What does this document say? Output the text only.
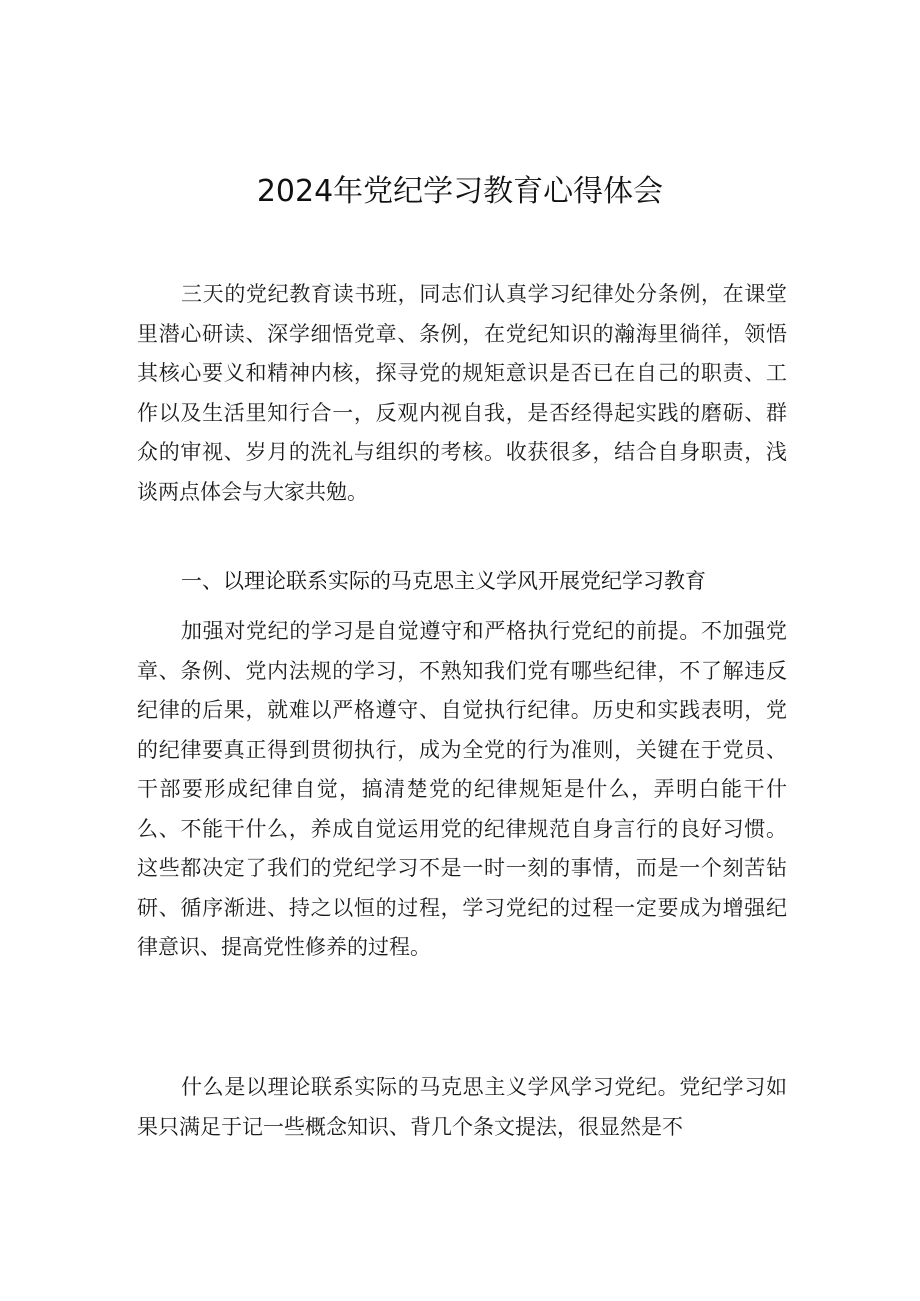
2024年党纪学习教育心得体会

三天的党纪教育读书班，同志们认真学习纪律处分条例，在课堂里潜心研读、深学细悟党章、条例，在党纪知识的瀚海里徜徉，领悟其核心要义和精神内核，探寻党的规矩意识是否已在自己的职责、工作以及生活里知行合一，反观内视自我，是否经得起实践的磨砺、群众的审视、岁月的洗礼与组织的考核。收获很多，结合自身职责，浅谈两点体会与大家共勉。

一、以理论联系实际的马克思主义学风开展党纪学习教育

加强对党纪的学习是自觉遵守和严格执行党纪的前提。不加强党章、条例、党内法规的学习，不熟知我们党有哪些纪律，不了解违反纪律的后果，就难以严格遵守、自觉执行纪律。历史和实践表明，党的纪律要真正得到贯彻执行，成为全党的行为准则，关键在于党员、干部要形成纪律自觉，搞清楚党的纪律规矩是什么，弄明白能干什么、不能干什么，养成自觉运用党的纪律规范自身言行的良好习惯。这些都决定了我们的党纪学习不是一时一刻的事情，而是一个刻苦钻研、循序渐进、持之以恒的过程，学习党纪的过程一定要成为增强纪律意识、提高党性修养的过程。

什么是以理论联系实际的马克思主义学风学习党纪。党纪学习如果只满足于记一些概念知识、背几个条文提法，很显然是不
